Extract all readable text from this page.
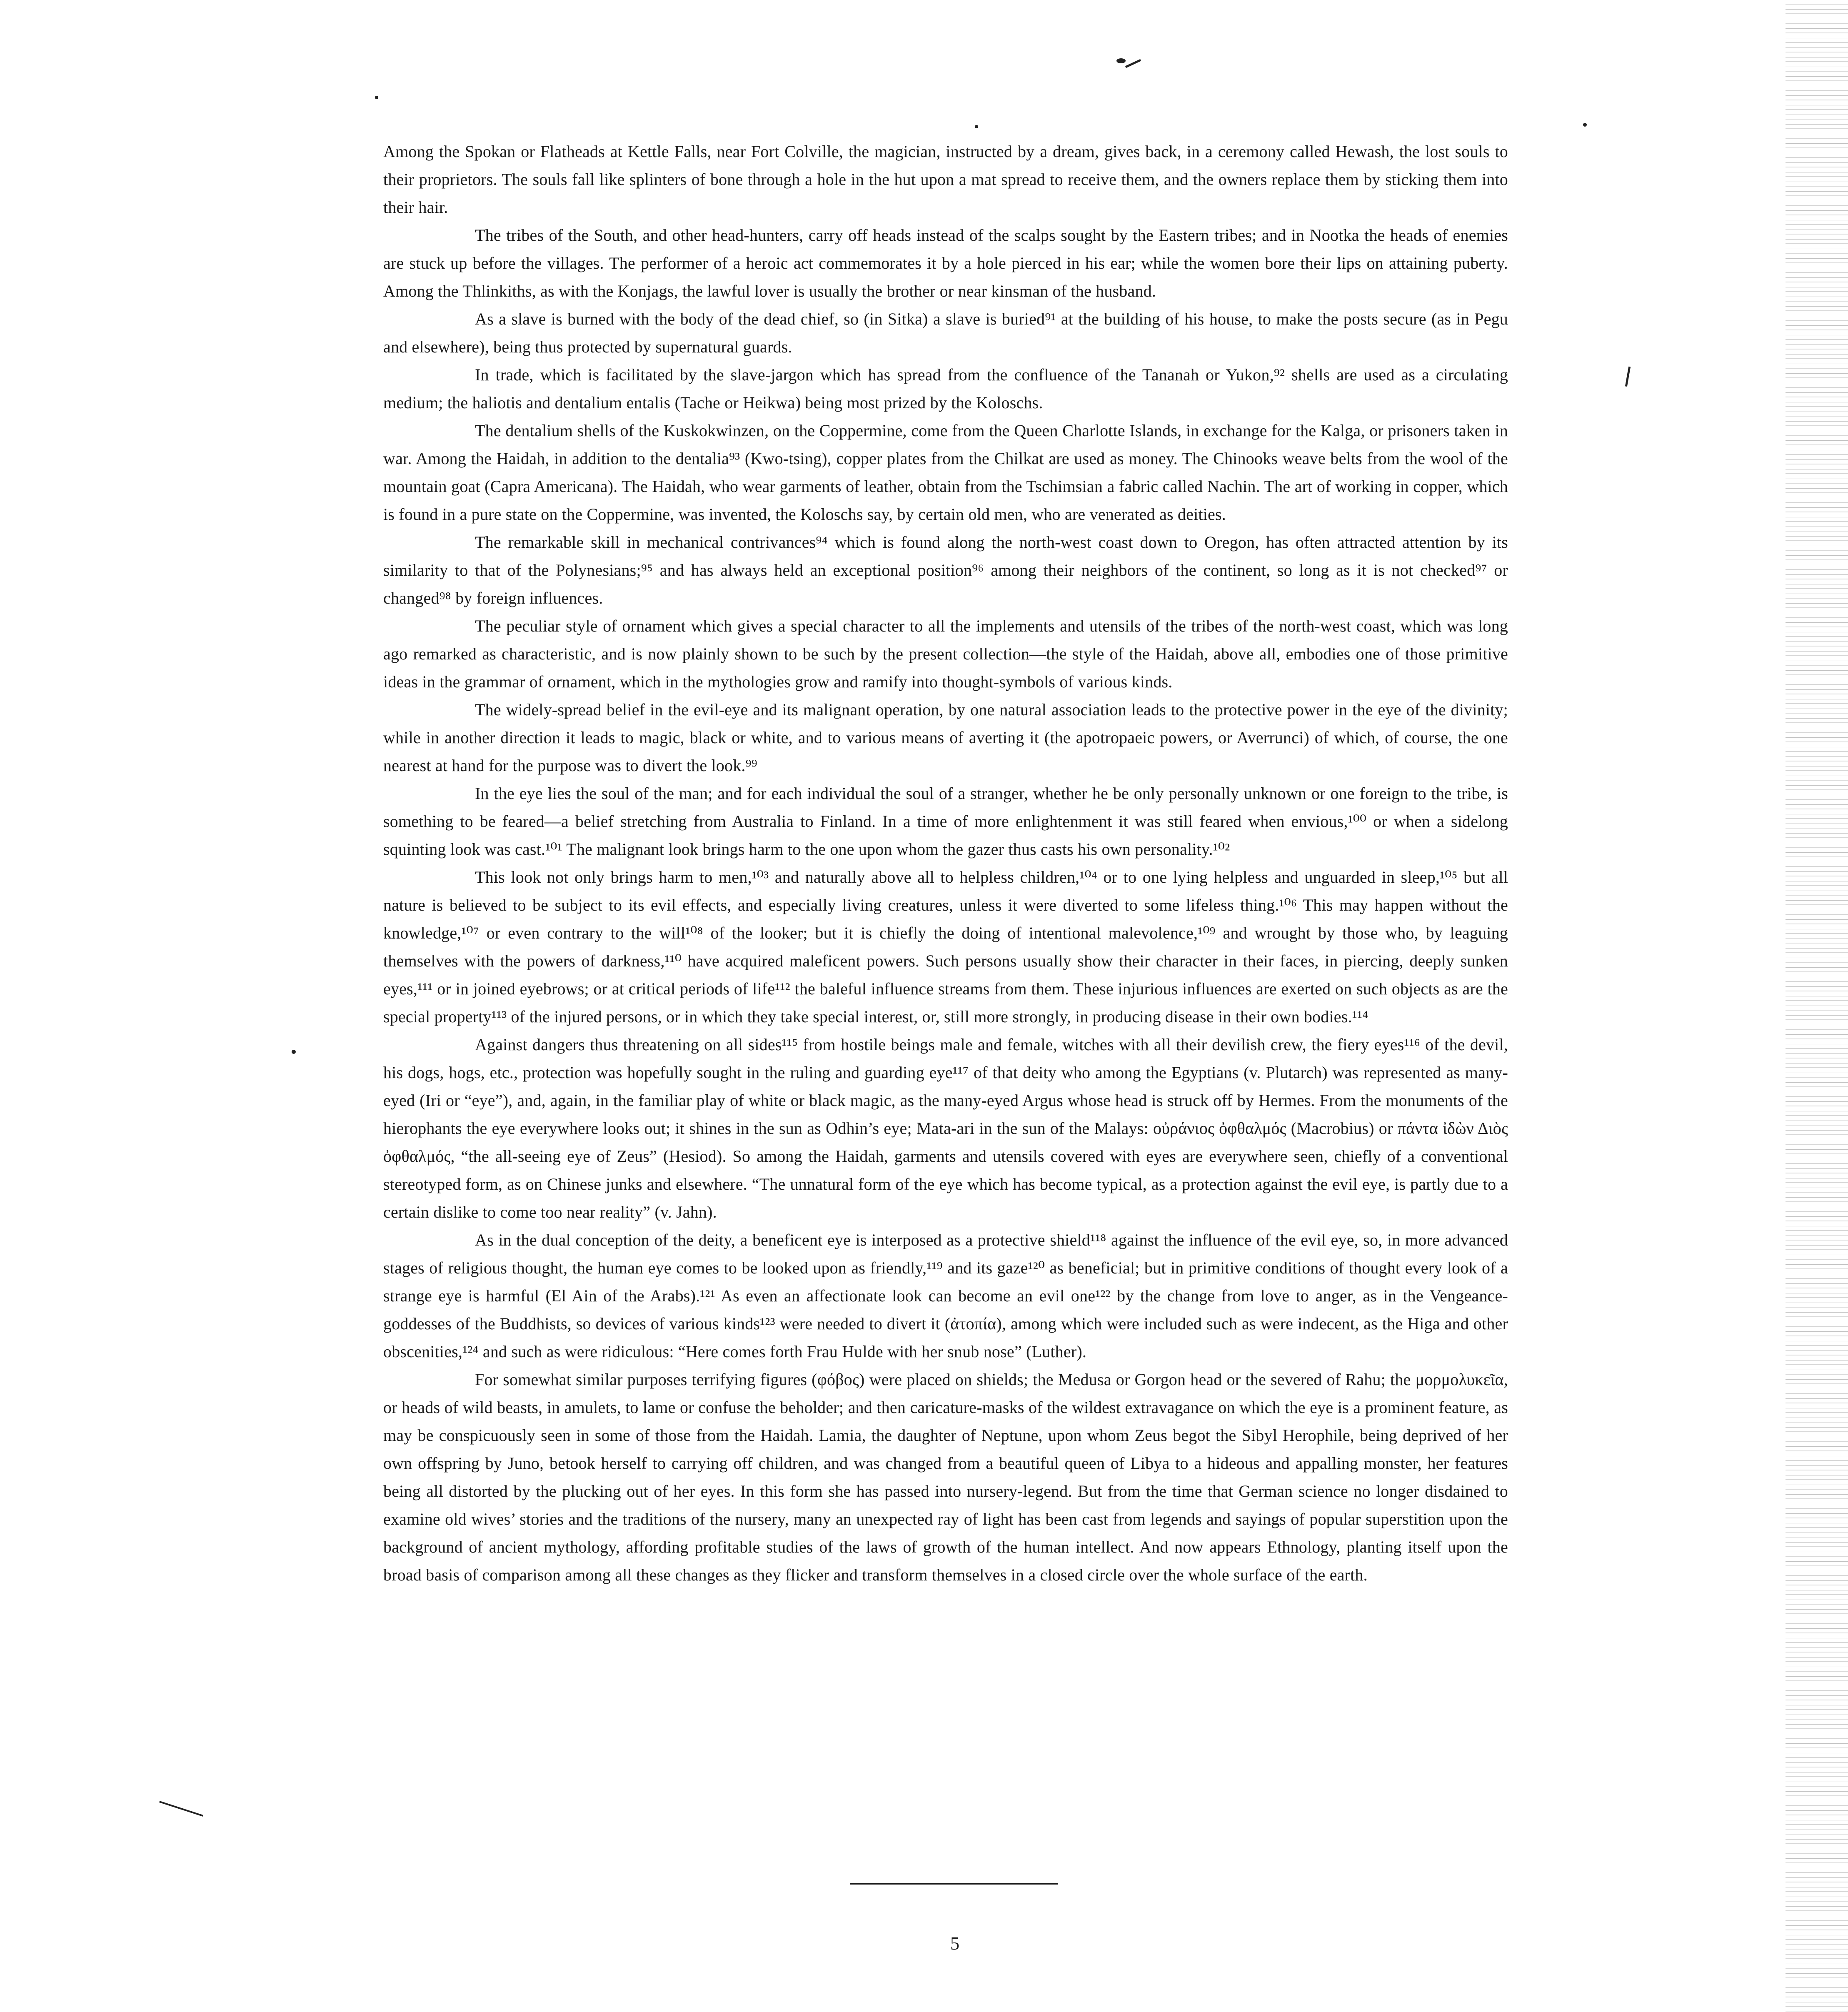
Among the Spokan or Flatheads at Kettle Falls, near Fort Colville, the magician, instructed by a dream, gives back, in a ceremony called Hewash, the lost souls to their proprietors. The souls fall like splinters of bone through a hole in the hut upon a mat spread to receive them, and the owners replace them by sticking them into their hair.

The tribes of the South, and other head-hunters, carry off heads instead of the scalps sought by the Eastern tribes; and in Nootka the heads of enemies are stuck up before the villages. The performer of a heroic act commemorates it by a hole pierced in his ear; while the women bore their lips on attaining puberty. Among the Thlinkiths, as with the Konjags, the lawful lover is usually the brother or near kinsman of the husband.

As a slave is burned with the body of the dead chief, so (in Sitka) a slave is buried⁹¹ at the building of his house, to make the posts secure (as in Pegu and elsewhere), being thus protected by supernatural guards.

In trade, which is facilitated by the slave-jargon which has spread from the confluence of the Tananah or Yukon,⁹² shells are used as a circulating medium; the haliotis and dentalium entalis (Tache or Heikwa) being most prized by the Koloschs.

The dentalium shells of the Kuskokwinzen, on the Coppermine, come from the Queen Charlotte Islands, in exchange for the Kalga, or prisoners taken in war. Among the Haidah, in addition to the dentalia⁹³ (Kwo-tsing), copper plates from the Chilkat are used as money. The Chinooks weave belts from the wool of the mountain goat (Capra Americana). The Haidah, who wear garments of leather, obtain from the Tschimsian a fabric called Nachin. The art of working in copper, which is found in a pure state on the Coppermine, was invented, the Koloschs say, by certain old men, who are venerated as deities.

The remarkable skill in mechanical contrivances⁹⁴ which is found along the north-west coast down to Oregon, has often attracted attention by its similarity to that of the Polynesians;⁹⁵ and has always held an exceptional position⁹⁶ among their neighbors of the continent, so long as it is not checked⁹⁷ or changed⁹⁸ by foreign influences.

The peculiar style of ornament which gives a special character to all the implements and utensils of the tribes of the north-west coast, which was long ago remarked as characteristic, and is now plainly shown to be such by the present collection—the style of the Haidah, above all, embodies one of those primitive ideas in the grammar of ornament, which in the mythologies grow and ramify into thought-symbols of various kinds.

The widely-spread belief in the evil-eye and its malignant operation, by one natural association leads to the protective power in the eye of the divinity; while in another direction it leads to magic, black or white, and to various means of averting it (the apotropaeic powers, or Averrunci) of which, of course, the one nearest at hand for the purpose was to divert the look.⁹⁹

In the eye lies the soul of the man; and for each individual the soul of a stranger, whether he be only personally unknown or one foreign to the tribe, is something to be feared—a belief stretching from Australia to Finland. In a time of more enlightenment it was still feared when envious,¹⁰⁰ or when a sidelong squinting look was cast.¹⁰¹ The malignant look brings harm to the one upon whom the gazer thus casts his own personality.¹⁰²

This look not only brings harm to men,¹⁰³ and naturally above all to helpless children,¹⁰⁴ or to one lying helpless and unguarded in sleep,¹⁰⁵ but all nature is believed to be subject to its evil effects, and especially living creatures, unless it were diverted to some lifeless thing.¹⁰⁶ This may happen without the knowledge,¹⁰⁷ or even contrary to the will¹⁰⁸ of the looker; but it is chiefly the doing of intentional malevolence,¹⁰⁹ and wrought by those who, by leaguing themselves with the powers of darkness,¹¹⁰ have acquired maleficent powers. Such persons usually show their character in their faces, in piercing, deeply sunken eyes,¹¹¹ or in joined eyebrows; or at critical periods of life¹¹² the baleful influence streams from them. These injurious influences are exerted on such objects as are the special property¹¹³ of the injured persons, or in which they take special interest, or, still more strongly, in producing disease in their own bodies.¹¹⁴

Against dangers thus threatening on all sides¹¹⁵ from hostile beings male and female, witches with all their devilish crew, the fiery eyes¹¹⁶ of the devil, his dogs, hogs, etc., protection was hopefully sought in the ruling and guarding eye¹¹⁷ of that deity who among the Egyptians (v. Plutarch) was represented as many-eyed (Iri or “eye”), and, again, in the familiar play of white or black magic, as the many-eyed Argus whose head is struck off by Hermes. From the monuments of the hierophants the eye everywhere looks out; it shines in the sun as Odhin’s eye; Mata-ari in the sun of the Malays: οὐράνιος ὀφθαλμός (Macrobius) or πάντα ἰδὼν Διὸς ὀφθαλμός, “the all-seeing eye of Zeus” (Hesiod). So among the Haidah, garments and utensils covered with eyes are everywhere seen, chiefly of a conventional stereotyped form, as on Chinese junks and elsewhere. “The unnatural form of the eye which has become typical, as a protection against the evil eye, is partly due to a certain dislike to come too near reality” (v. Jahn).

As in the dual conception of the deity, a beneficent eye is interposed as a protective shield¹¹⁸ against the influence of the evil eye, so, in more advanced stages of religious thought, the human eye comes to be looked upon as friendly,¹¹⁹ and its gaze¹²⁰ as beneficial; but in primitive conditions of thought every look of a strange eye is harmful (El Ain of the Arabs).¹²¹ As even an affectionate look can become an evil one¹²² by the change from love to anger, as in the Vengeance-goddesses of the Buddhists, so devices of various kinds¹²³ were needed to divert it (ἀτοπία), among which were included such as were indecent, as the Higa and other obscenities,¹²⁴ and such as were ridiculous: “Here comes forth Frau Hulde with her snub nose” (Luther).

For somewhat similar purposes terrifying figures (φόβος) were placed on shields; the Medusa or Gorgon head or the severed of Rahu; the μορμολυκεῖα, or heads of wild beasts, in amulets, to lame or confuse the beholder; and then caricature-masks of the wildest extravagance on which the eye is a prominent feature, as may be conspicuously seen in some of those from the Haidah. Lamia, the daughter of Neptune, upon whom Zeus begot the Sibyl Herophile, being deprived of her own offspring by Juno, betook herself to carrying off children, and was changed from a beautiful queen of Libya to a hideous and appalling monster, her features being all distorted by the plucking out of her eyes. In this form she has passed into nursery-legend. But from the time that German science no longer disdained to examine old wives’ stories and the traditions of the nursery, many an unexpected ray of light has been cast from legends and sayings of popular superstition upon the background of ancient mythology, affording profitable studies of the laws of growth of the human intellect. And now appears Ethnology, planting itself upon the broad basis of comparison among all these changes as they flicker and transform themselves in a closed circle over the whole surface of the earth.

5
